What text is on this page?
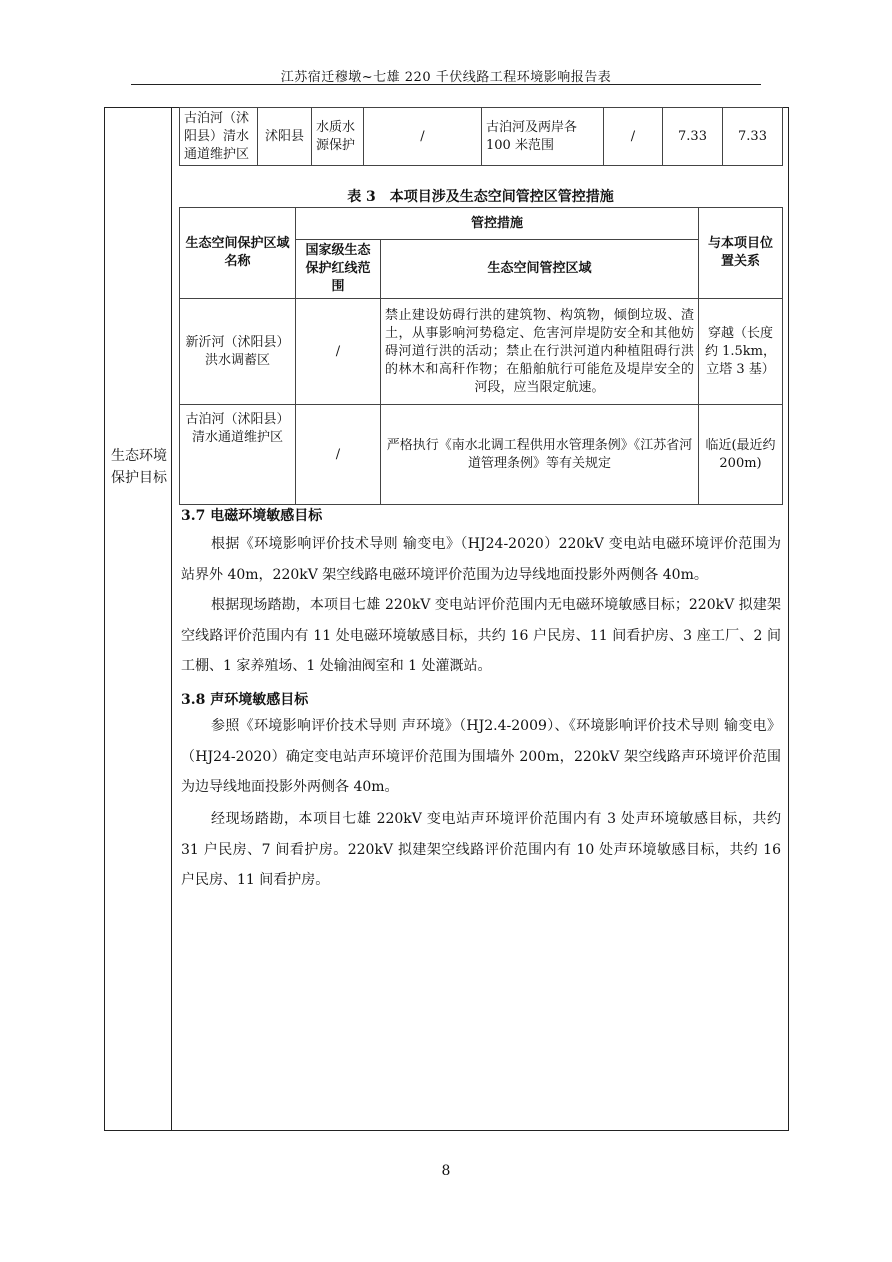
江苏宿迁穆墩~七雄 220 千伏线路工程环境影响报告表
生态环境保护目标
古泊河（沭阳县）清水通道维护区	沭阳县	水质水源保护	/	古泊河及两岸各 100 米范围	/	7.33	7.33
表 3　本项目涉及生态空间管控区管控措施
生态空间保护区域名称	管控措施		与本项目位置关系
	国家级生态保护红线范围	生态空间管控区域	
新沂河（沭阳县）洪水调蓄区	/	禁止建设妨碍行洪的建筑物、构筑物，倾倒垃圾、渣土，从事影响河势稳定、危害河岸堤防安全和其他妨碍河道行洪的活动；禁止在行洪河道内种植阻碍行洪的林木和高秆作物；在船舶航行可能危及堤岸安全的河段，应当限定航速。	穿越（长度约 1.5km，立塔 3 基）
古泊河（沭阳县）清水通道维护区	/	严格执行《南水北调工程供用水管理条例》《江苏省河道管理条例》等有关规定	临近(最近约 200m)
3.7 电磁环境敏感目标
根据《环境影响评价技术导则 输变电》（HJ24-2020）220kV 变电站电磁环境评价范围为站界外 40m，220kV 架空线路电磁环境评价范围为边导线地面投影外两侧各 40m。
根据现场踏勘，本项目七雄 220kV 变电站评价范围内无电磁环境敏感目标；220kV 拟建架空线路评价范围内有 11 处电磁环境敏感目标，共约 16 户民房、11 间看护房、3 座工厂、2 间工棚、1 家养殖场、1 处输油阀室和 1 处灌溉站。
3.8 声环境敏感目标
参照《环境影响评价技术导则 声环境》（HJ2.4-2009）、《环境影响评价技术导则 输变电》（HJ24-2020）确定变电站声环境评价范围为围墙外 200m，220kV 架空线路声环境评价范围为边导线地面投影外两侧各 40m。
经现场踏勘，本项目七雄 220kV 变电站声环境评价范围内有 3 处声环境敏感目标，共约 31 户民房、7 间看护房。220kV 拟建架空线路评价范围内有 10 处声环境敏感目标，共约 16 户民房、11 间看护房。
8
